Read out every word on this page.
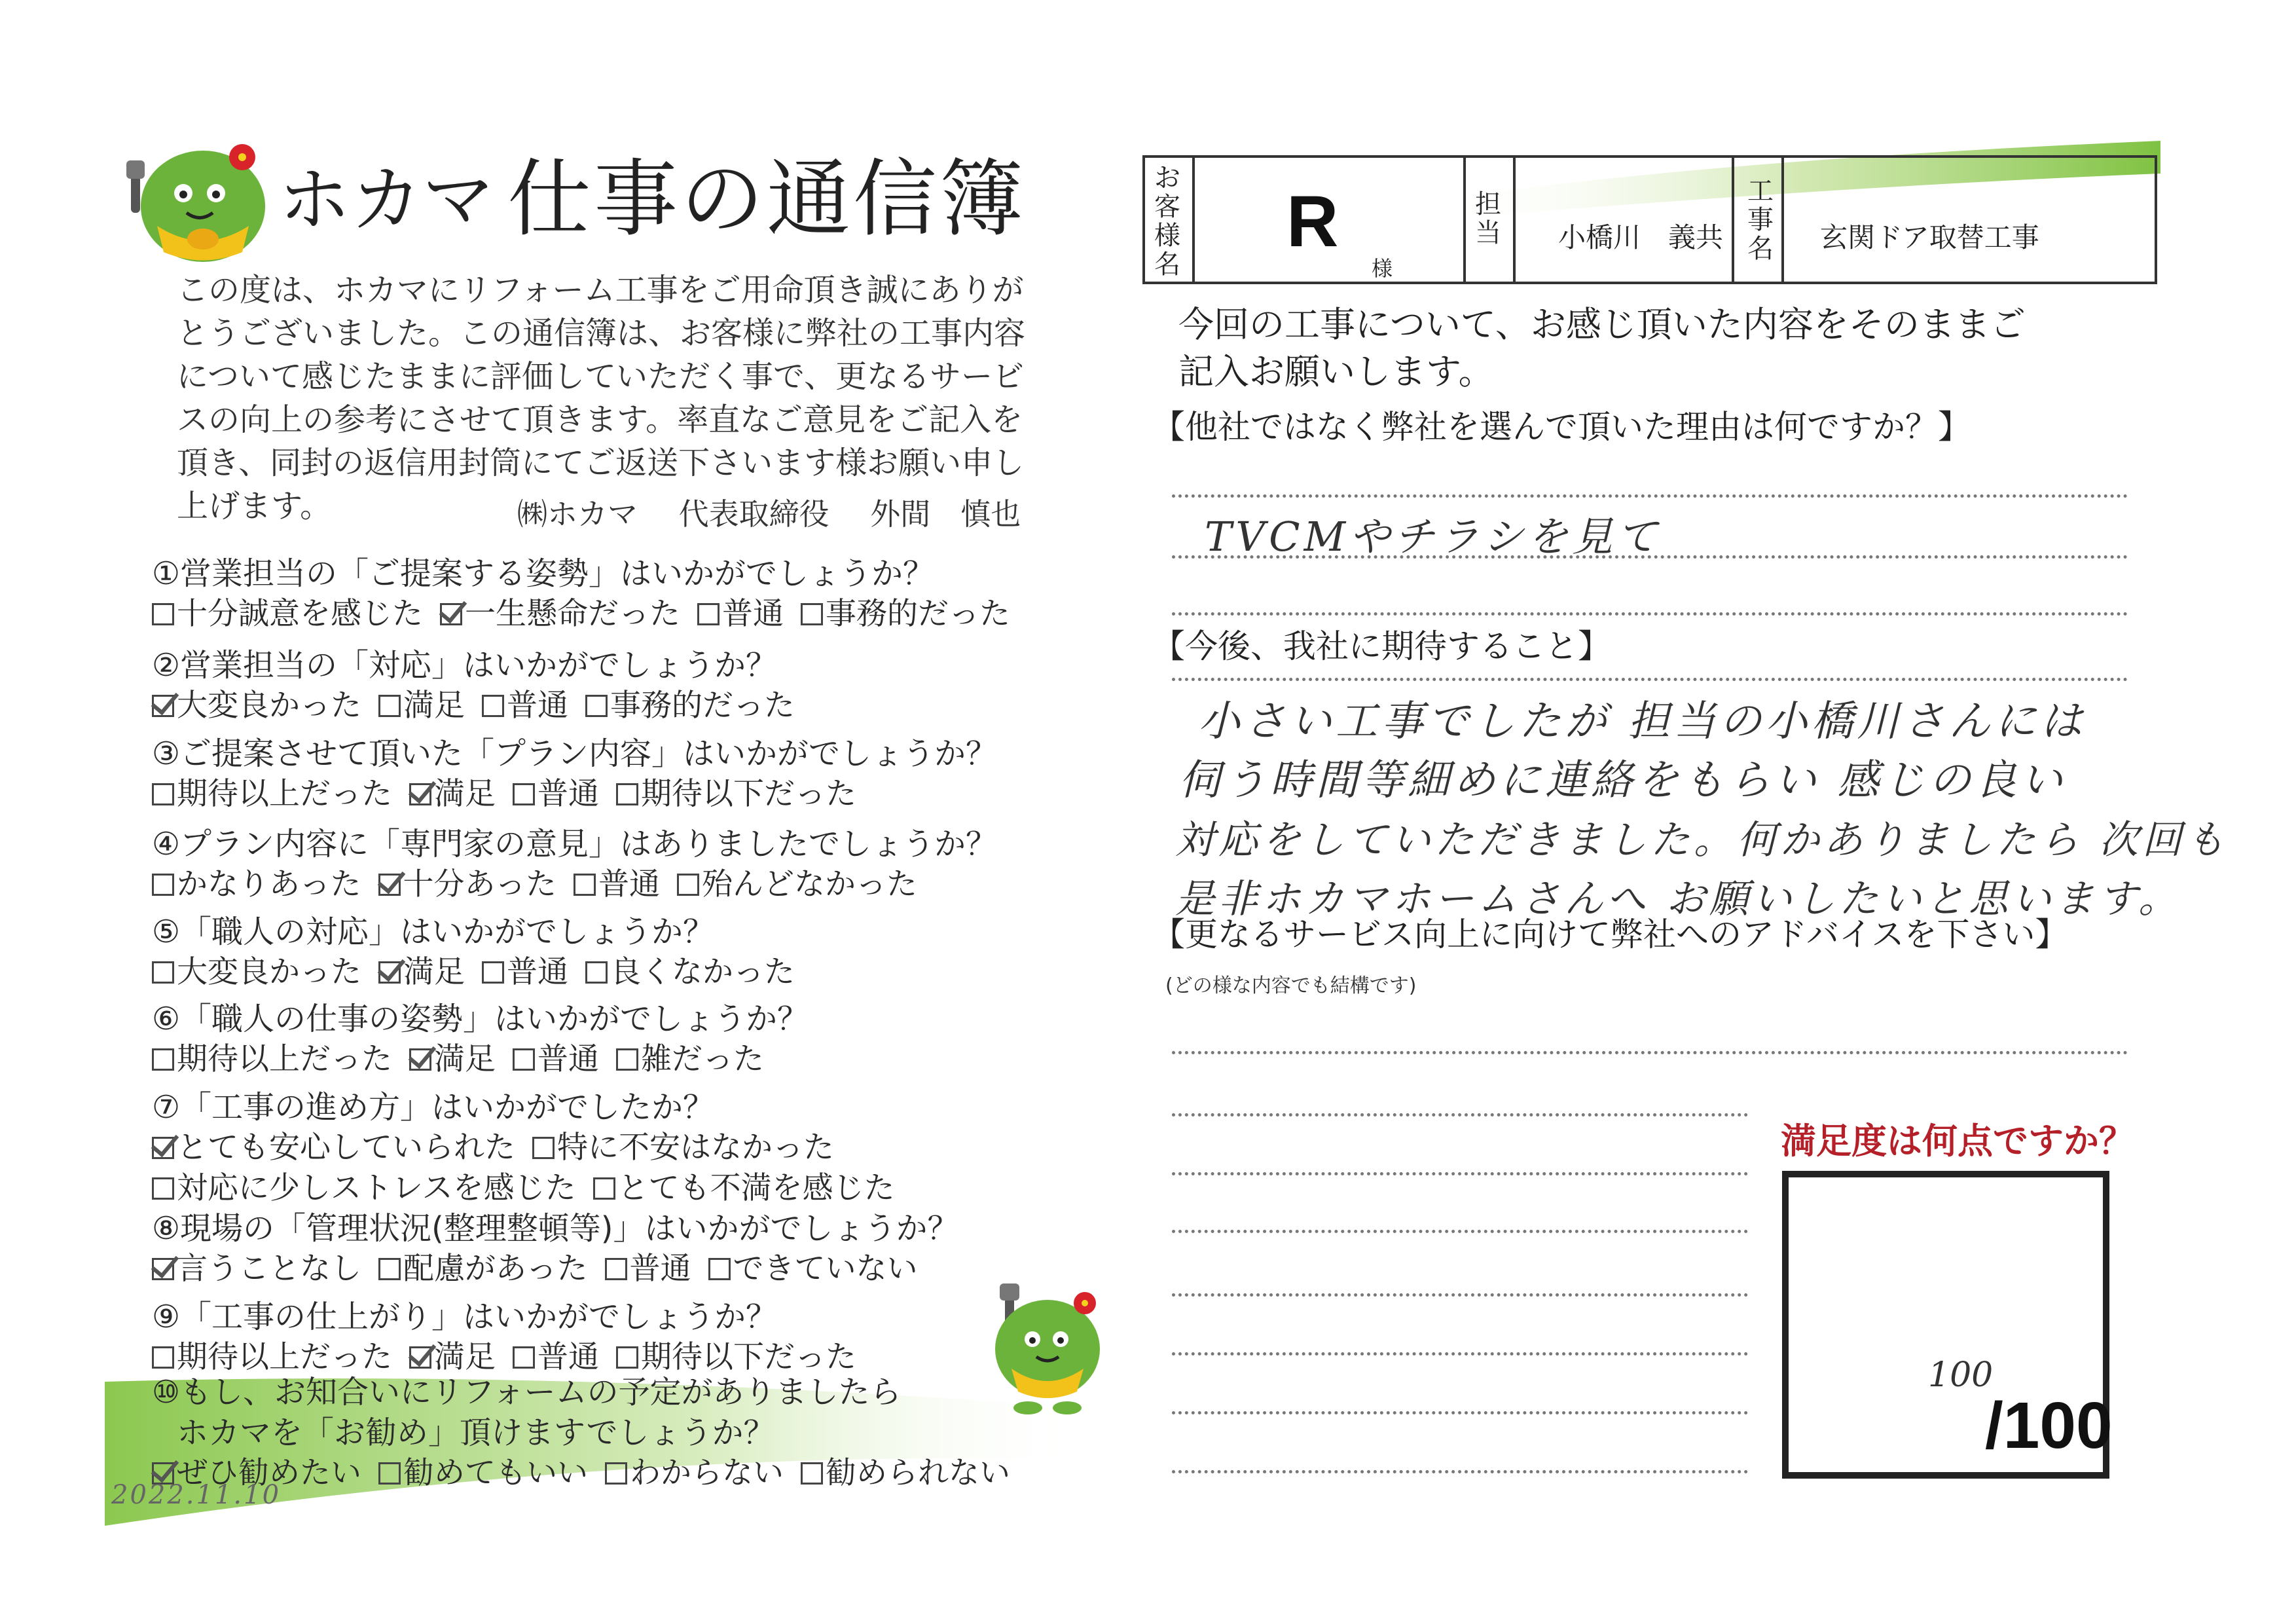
ホカマ 仕事の通信簿

この度は、ホカマにリフォーム工事をご用命頂き誠にありが

とうございました。この通信簿は、お客様に弊社の工事内容

について感じたままに評価していただく事で、更なるサービ

スの向上の参考にさせて頂きます。率直なご意見をご記入を

頂き、同封の返信用封筒にてご返送下さいます様お願い申し

上げます。	㈱ホカマ 代表取締役 外間　慎也
①営業担当の「ご提案する姿勢」はいかがでしょうか？
十分誠意を感じた 一生懸命だった 普通 事務的だった
②営業担当の「対応」はいかがでしょうか？
大変良かった 満足 普通 事務的だった
③ご提案させて頂いた「プラン内容」はいかがでしょうか？
期待以上だった 満足 普通 期待以下だった
④プラン内容に「専門家の意見」はありましたでしょうか？
かなりあった 十分あった 普通 殆んどなかった
⑤「職人の対応」はいかがでしょうか？
大変良かった 満足 普通 良くなかった
⑥「職人の仕事の姿勢」はいかがでしょうか？
期待以上だった 満足 普通 雑だった
⑦「工事の進め方」はいかがでしたか？
とても安心していられた 特に不安はなかった
対応に少しストレスを感じた とても不満を感じた
⑧現場の「管理状況(整理整頓等)」はいかがでしょうか？
言うことなし 配慮があった 普通 できていない
⑨「工事の仕上がり」はいかがでしょうか？
期待以上だった 満足 普通 期待以下だった
⑩もし、お知合いにリフォームの予定がありましたら
ホカマを「お勧め」頂けますでしょうか？
ぜひ勧めたい 勧めてもいい わからない 勧められない
2022.11.10
お客様名
R
様
担当 小橋川　義共
工事名 玄関ドア取替工事
今回の工事について、お感じ頂いた内容をそのままご
記入お願いします。
【他社ではなく弊社を選んで頂いた理由は何ですか？】
TVCMやチラシを見て
【今後、我社に期待すること】
小さい工事でしたが 担当の小橋川さんには
伺う時間等細めに連絡をもらい 感じの良い
対応をしていただきました。何かありましたら 次回も
是非ホカマホームさんへ お願いしたいと思います。
【更なるサービス向上に向けて弊社へのアドバイスを下さい】
(どの様な内容でも結構です)
満足度は何点ですか？
100
/100
